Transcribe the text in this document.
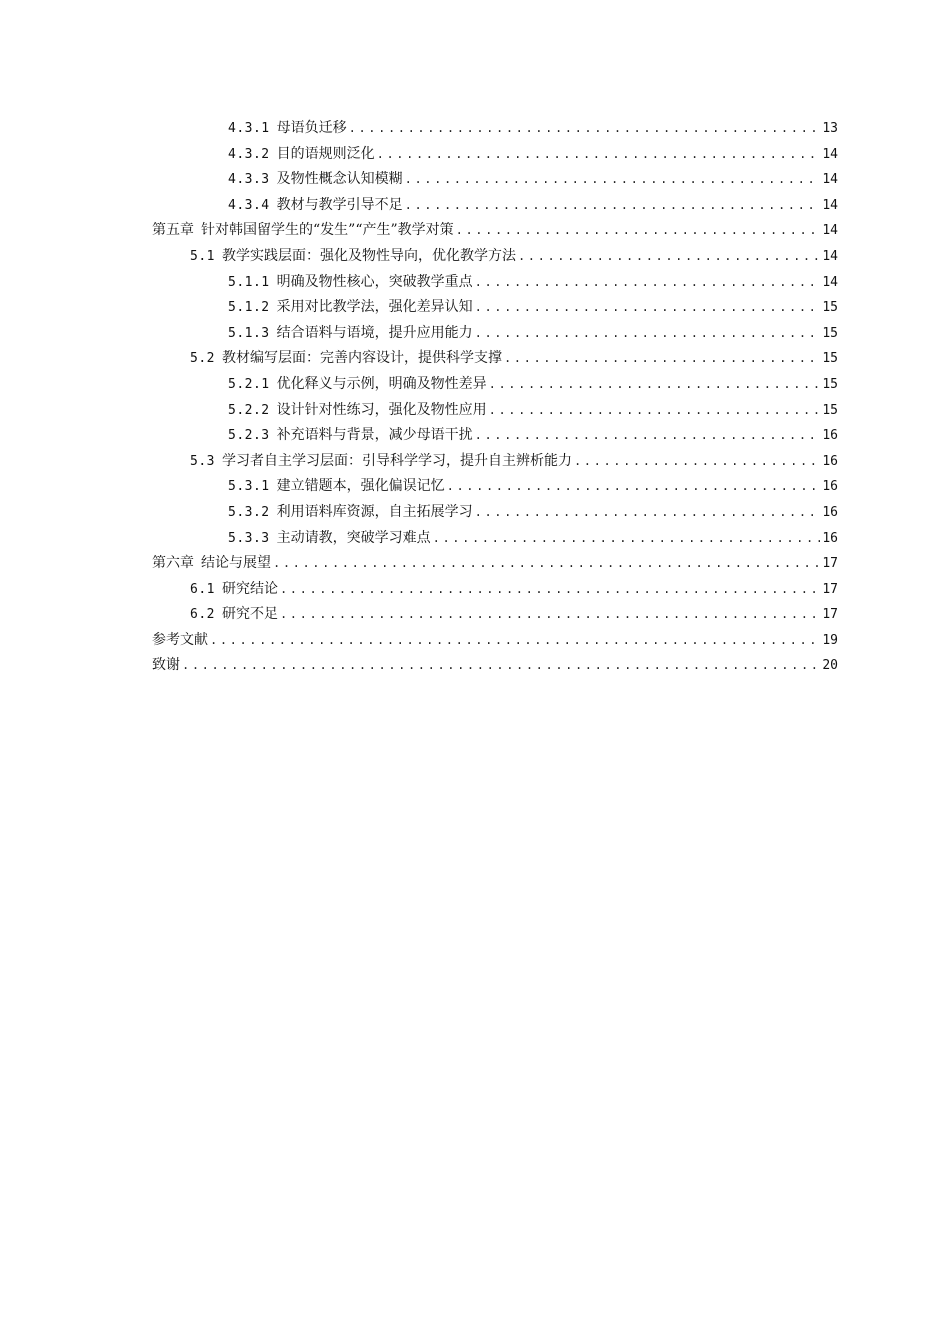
4.3.1 母语负迁移 .....	13
4.3.2 目的语规则泛化 .....	14
4.3.3 及物性概念认知模糊 .....	14
4.3.4 教材与教学引导不足 .....	14
第五章 针对韩国留学生的“发生”“产生”教学对策 .....	14
5.1 教学实践层面：强化及物性导向，优化教学方法 .....	14
5.1.1 明确及物性核心，突破教学重点 .....	14
5.1.2 采用对比教学法，强化差异认知 .....	15
5.1.3 结合语料与语境，提升应用能力 .....	15
5.2 教材编写层面：完善内容设计，提供科学支撑 .....	15
5.2.1 优化释义与示例，明确及物性差异 .....	15
5.2.2 设计针对性练习，强化及物性应用 .....	15
5.2.3 补充语料与背景，减少母语干扰 .....	16
5.3 学习者自主学习层面：引导科学学习，提升自主辨析能力 .....	16
5.3.1 建立错题本，强化偏误记忆 .....	16
5.3.2 利用语料库资源，自主拓展学习 .....	16
5.3.3 主动请教，突破学习难点 .....	16
第六章 结论与展望 .....	17
6.1 研究结论 .....	17
6.2 研究不足 .....	17
参考文献 .....	19
致谢 .....	20
